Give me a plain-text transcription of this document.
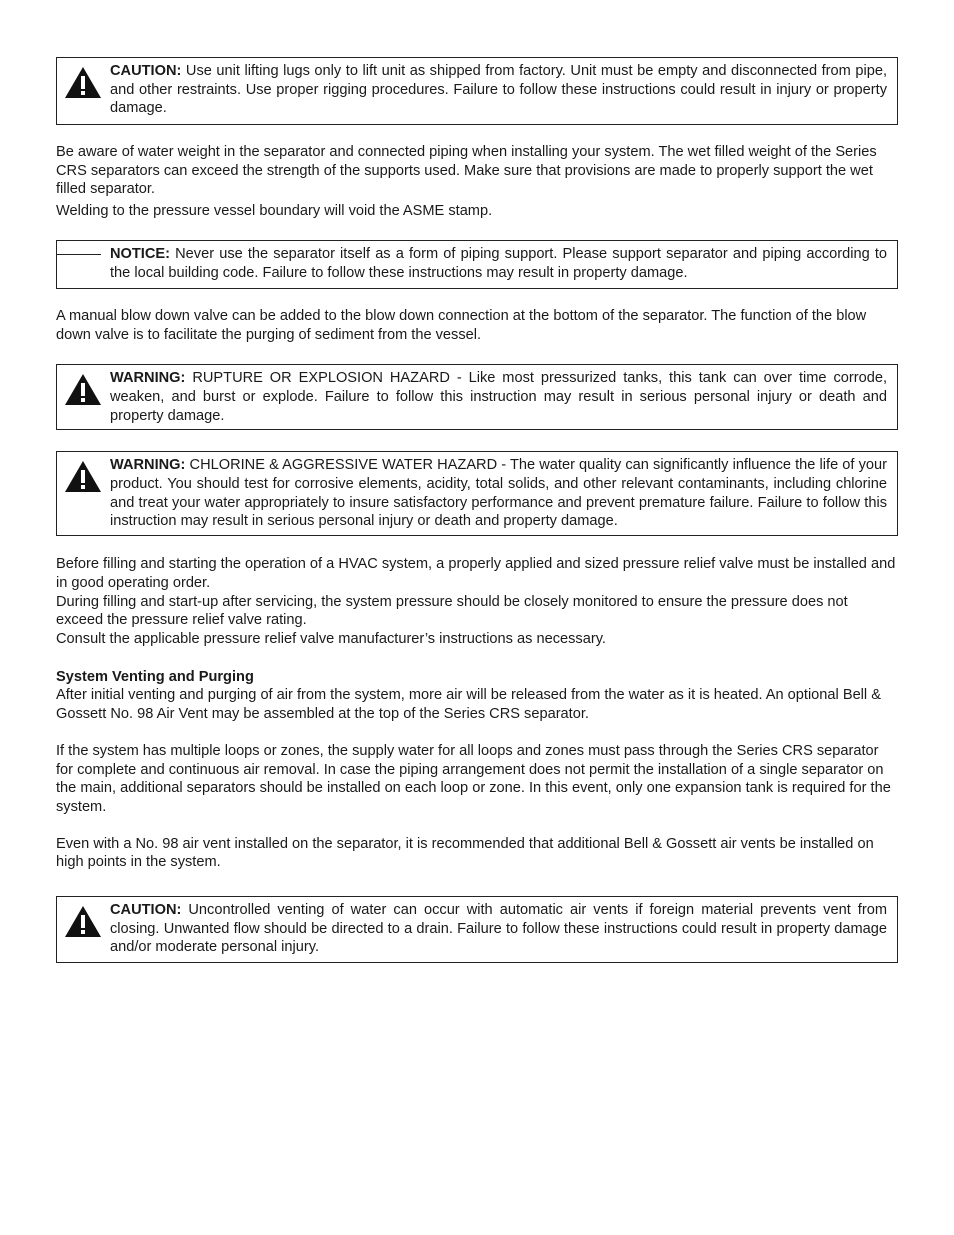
CAUTION: Use unit lifting lugs only to lift unit as shipped from factory. Unit must be empty and disconnected from pipe, and other restraints. Use proper rigging procedures. Failure to follow these instructions could result in injury or property damage.

Be aware of water weight in the separator and connected piping when installing your system. The wet filled weight of the Series CRS separators can exceed the strength of the supports used. Make sure that provisions are made to properly support the wet filled separator.

Welding to the pressure vessel boundary will void the ASME stamp.

NOTICE: Never use the separator itself as a form of piping support. Please support separator and piping according to the local building code. Failure to follow these instructions may result in property damage.

A manual blow down valve can be added to the blow down connection at the bottom of the separator. The function of the blow down valve is to facilitate the purging of sediment from the vessel.

WARNING: RUPTURE OR EXPLOSION HAZARD - Like most pressurized tanks, this tank can over time corrode, weaken, and burst or explode. Failure to follow this instruction may result in serious personal injury or death and property damage.
WARNING: CHLORINE & AGGRESSIVE WATER HAZARD - The water quality can significantly influence the life of your product. You should test for corrosive elements, acidity, total solids, and other relevant contaminants, including chlorine and treat your water appropriately to insure satisfactory performance and prevent premature failure. Failure to follow this instruction may result in serious personal injury or death and property damage.

Before filling and starting the operation of a HVAC system, a properly applied and sized pressure relief valve must be installed and in good operating order.

During filling and start-up after servicing, the system pressure should be closely monitored to ensure the pressure does not exceed the pressure relief valve rating.

Consult the applicable pressure relief valve manufacturer’s instructions as necessary.

System Venting and Purging

After initial venting and purging of air from the system, more air will be released from the water as it is heated. An optional Bell & Gossett No. 98 Air Vent may be assembled at the top of the Series CRS separator.

If the system has multiple loops or zones, the supply water for all loops and zones must pass through the Series CRS separator for complete and continuous air removal. In case the piping arrangement does not permit the installation of a single separator on the main, additional separators should be installed on each loop or zone. In this event, only one expansion tank is required for the system.

Even with a No. 98 air vent installed on the separator, it is recommended that additional Bell & Gossett air vents be installed on high points in the system.

CAUTION: Uncontrolled venting of water can occur with automatic air vents if foreign material prevents vent from closing. Unwanted flow should be directed to a drain. Failure to follow these instructions could result in property damage and/or moderate personal injury.
